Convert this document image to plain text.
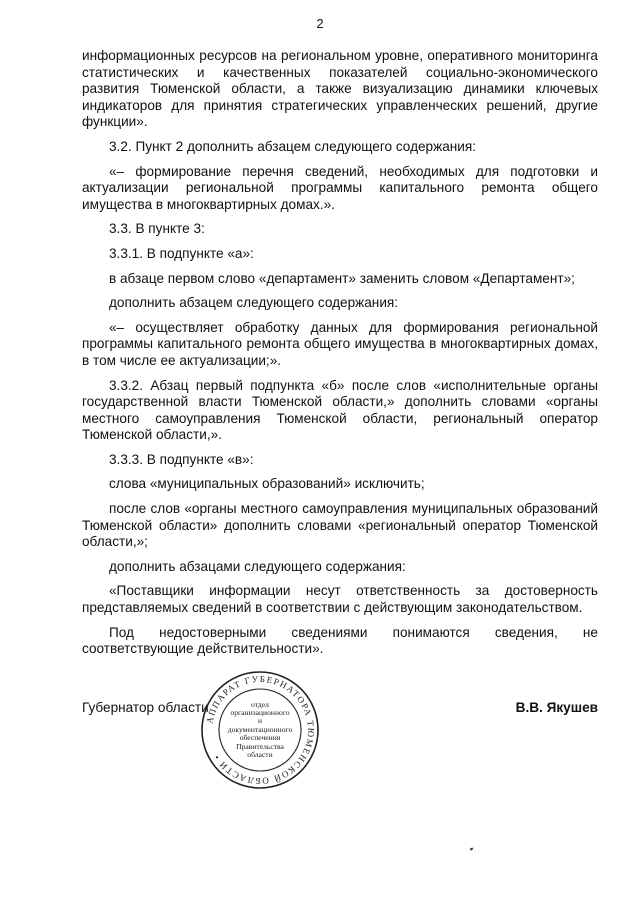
2

информационных ресурсов на региональном уровне, оперативного мониторинга статистических и качественных показателей социально-экономического развития Тюменской области, а также визуализацию динамики ключевых индикаторов для принятия стратегических управленческих решений, другие функции».

3.2. Пункт 2 дополнить абзацем следующего содержания:

«– формирование перечня сведений, необходимых для подготовки и актуализации региональной программы капитального ремонта общего имущества в многоквартирных домах.».

3.3. В пункте 3:

3.3.1. В подпункте «а»:

в абзаце первом слово «департамент» заменить словом «Департамент»;

дополнить абзацем следующего содержания:

«– осуществляет обработку данных для формирования региональной программы капитального ремонта общего имущества в многоквартирных домах, в том числе ее актуализации;».

3.3.2. Абзац первый подпункта «б» после слов «исполнительные органы государственной власти Тюменской области,» дополнить словами «органы местного самоуправления Тюменской области, региональный оператор Тюменской области,».

3.3.3. В подпункте «в»:

слова «муниципальных образований» исключить;

после слов «органы местного самоуправления муниципальных образований Тюменской области» дополнить словами «региональный оператор Тюменской области,»;

дополнить абзацами следующего содержания:

«Поставщики информации несут ответственность за достоверность представляемых сведений в соответствии с действующим законодательством.

Под недостоверными сведениями понимаются сведения, не соответствующие действительности».

Губернатор области	В.В. Якушев
АППАРАТ ГУБЕРНАТОРА ТЮМЕНСКОЙ ОБЛАСТИ •
отдел
организационного
и
документационного
обеспечения
Правительства
области
